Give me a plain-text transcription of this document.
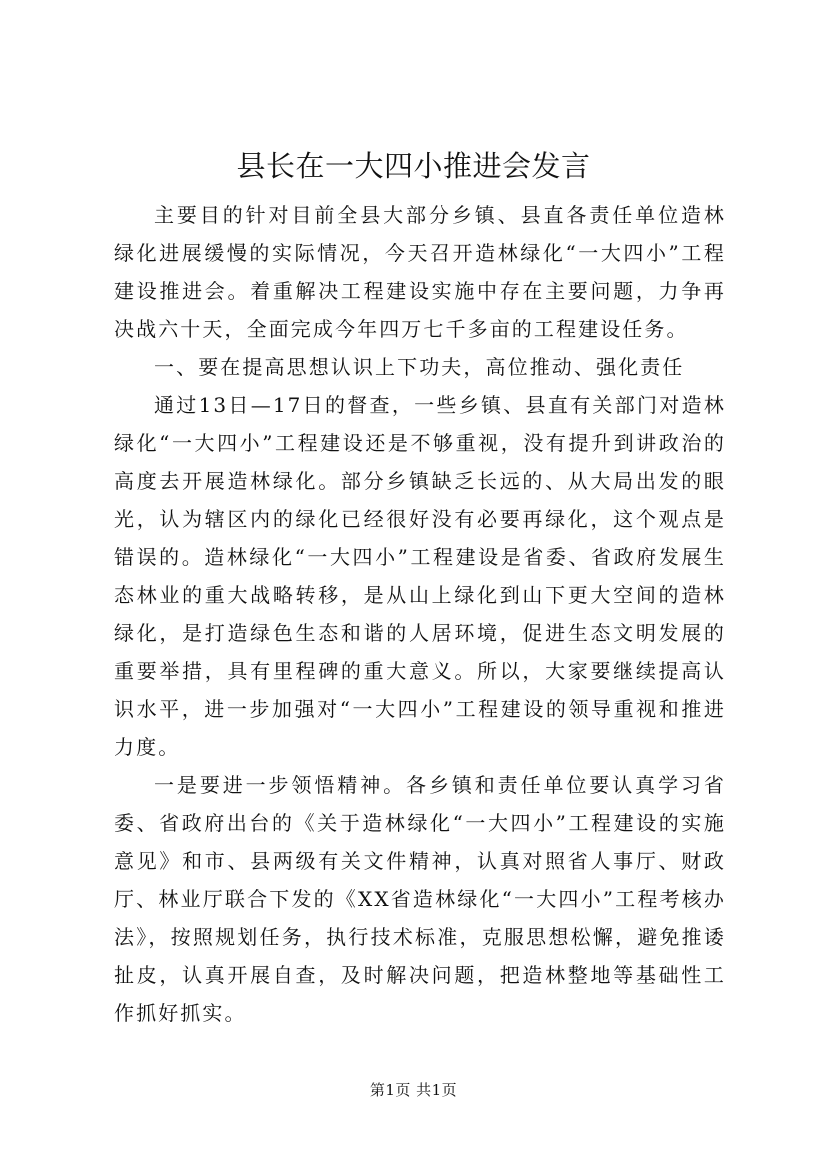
县长在一大四小推进会发言

主要目的针对目前全县大部分乡镇、县直各责任单位造林绿化进展缓慢的实际情况，今天召开造林绿化“一大四小”工程建设推进会。着重解决工程建设实施中存在主要问题，力争再决战六十天，全面完成今年四万七千多亩的工程建设任务。

一、要在提高思想认识上下功夫，高位推动、强化责任

通过13日—17日的督查，一些乡镇、县直有关部门对造林绿化“一大四小”工程建设还是不够重视，没有提升到讲政治的高度去开展造林绿化。部分乡镇缺乏长远的、从大局出发的眼光，认为辖区内的绿化已经很好没有必要再绿化，这个观点是错误的。造林绿化“一大四小”工程建设是省委、省政府发展生态林业的重大战略转移，是从山上绿化到山下更大空间的造林绿化，是打造绿色生态和谐的人居环境，促进生态文明发展的重要举措，具有里程碑的重大意义。所以，大家要继续提高认识水平，进一步加强对“一大四小”工程建设的领导重视和推进力度。

一是要进一步领悟精神。各乡镇和责任单位要认真学习省委、省政府出台的《关于造林绿化“一大四小”工程建设的实施意见》和市、县两级有关文件精神，认真对照省人事厅、财政厅、林业厅联合下发的《XX省造林绿化“一大四小”工程考核办法》，按照规划任务，执行技术标准，克服思想松懈，避免推诿扯皮，认真开展自查，及时解决问题，把造林整地等基础性工作抓好抓实。

第1页 共1页
